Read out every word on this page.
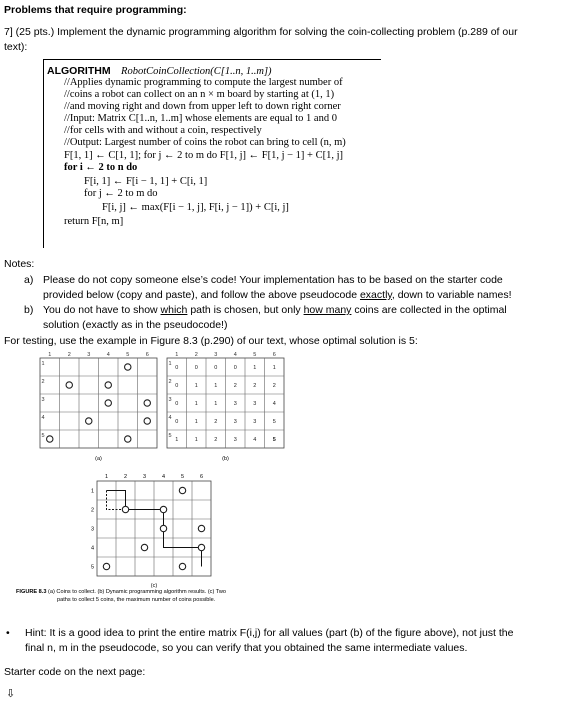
Problems that require programming:
7] (25 pts.) Implement the dynamic programming algorithm for solving the coin-collecting problem (p.289 of our
text):
ALGORITHM RobotCoinCollection(C[1..n, 1..m])
//Applies dynamic programming to compute the largest number of
//coins a robot can collect on an n × m board by starting at (1, 1)
//and moving right and down from upper left to down right corner
//Input: Matrix C[1..n, 1..m] whose elements are equal to 1 and 0
//for cells with and without a coin, respectively
//Output: Largest number of coins the robot can bring to cell (n, m)
F[1, 1] ← C[1, 1]; for j ← 2 to m do F[1, j] ← F[1, j − 1] + C[1, j]
for i ← 2 to n do
F[i, 1] ← F[i − 1, 1] + C[i, 1]
for j ← 2 to m do
F[i, j] ← max(F[i − 1, j], F[i, j − 1]) + C[i, j]
return F[n, m]
Notes:
a) Please do not copy someone else’s code! Your implementation has to be based on the starter code
provided below (copy and paste), and follow the above pseudocode exactly, down to variable names!
b) You do not have to show which path is chosen, but only how many coins are collected in the optimal
solution (exactly as in the pseudocode!)
For testing, use the example in Figure 8.3 (p.290) of our text, whose optimal solution is 5:
1	2	3	4	5	6
1
2
3
4
5
(a)
1	2	3	4	5	6
1
2
3
4
5
0	0	0	0	1	1
0	1	1	2	2	2
0	1	1	3	3	4
0	1	2	3	3	5
1	1	2	3	4	5
(b)
1	2	3	4	5	6
1
2
3
4
5
(c)
FIGURE 8.3 (a) Coins to collect. (b) Dynamic programming algorithm results. (c) Two
paths to collect 5 coins, the maximum number of coins possible.
• Hint: It is a good idea to print the entire matrix F(i,j) for all values (part (b) of the figure above), not just the
final n, m in the pseudocode, so you can verify that you obtained the same intermediate values.
Starter code on the next page:
⇩
